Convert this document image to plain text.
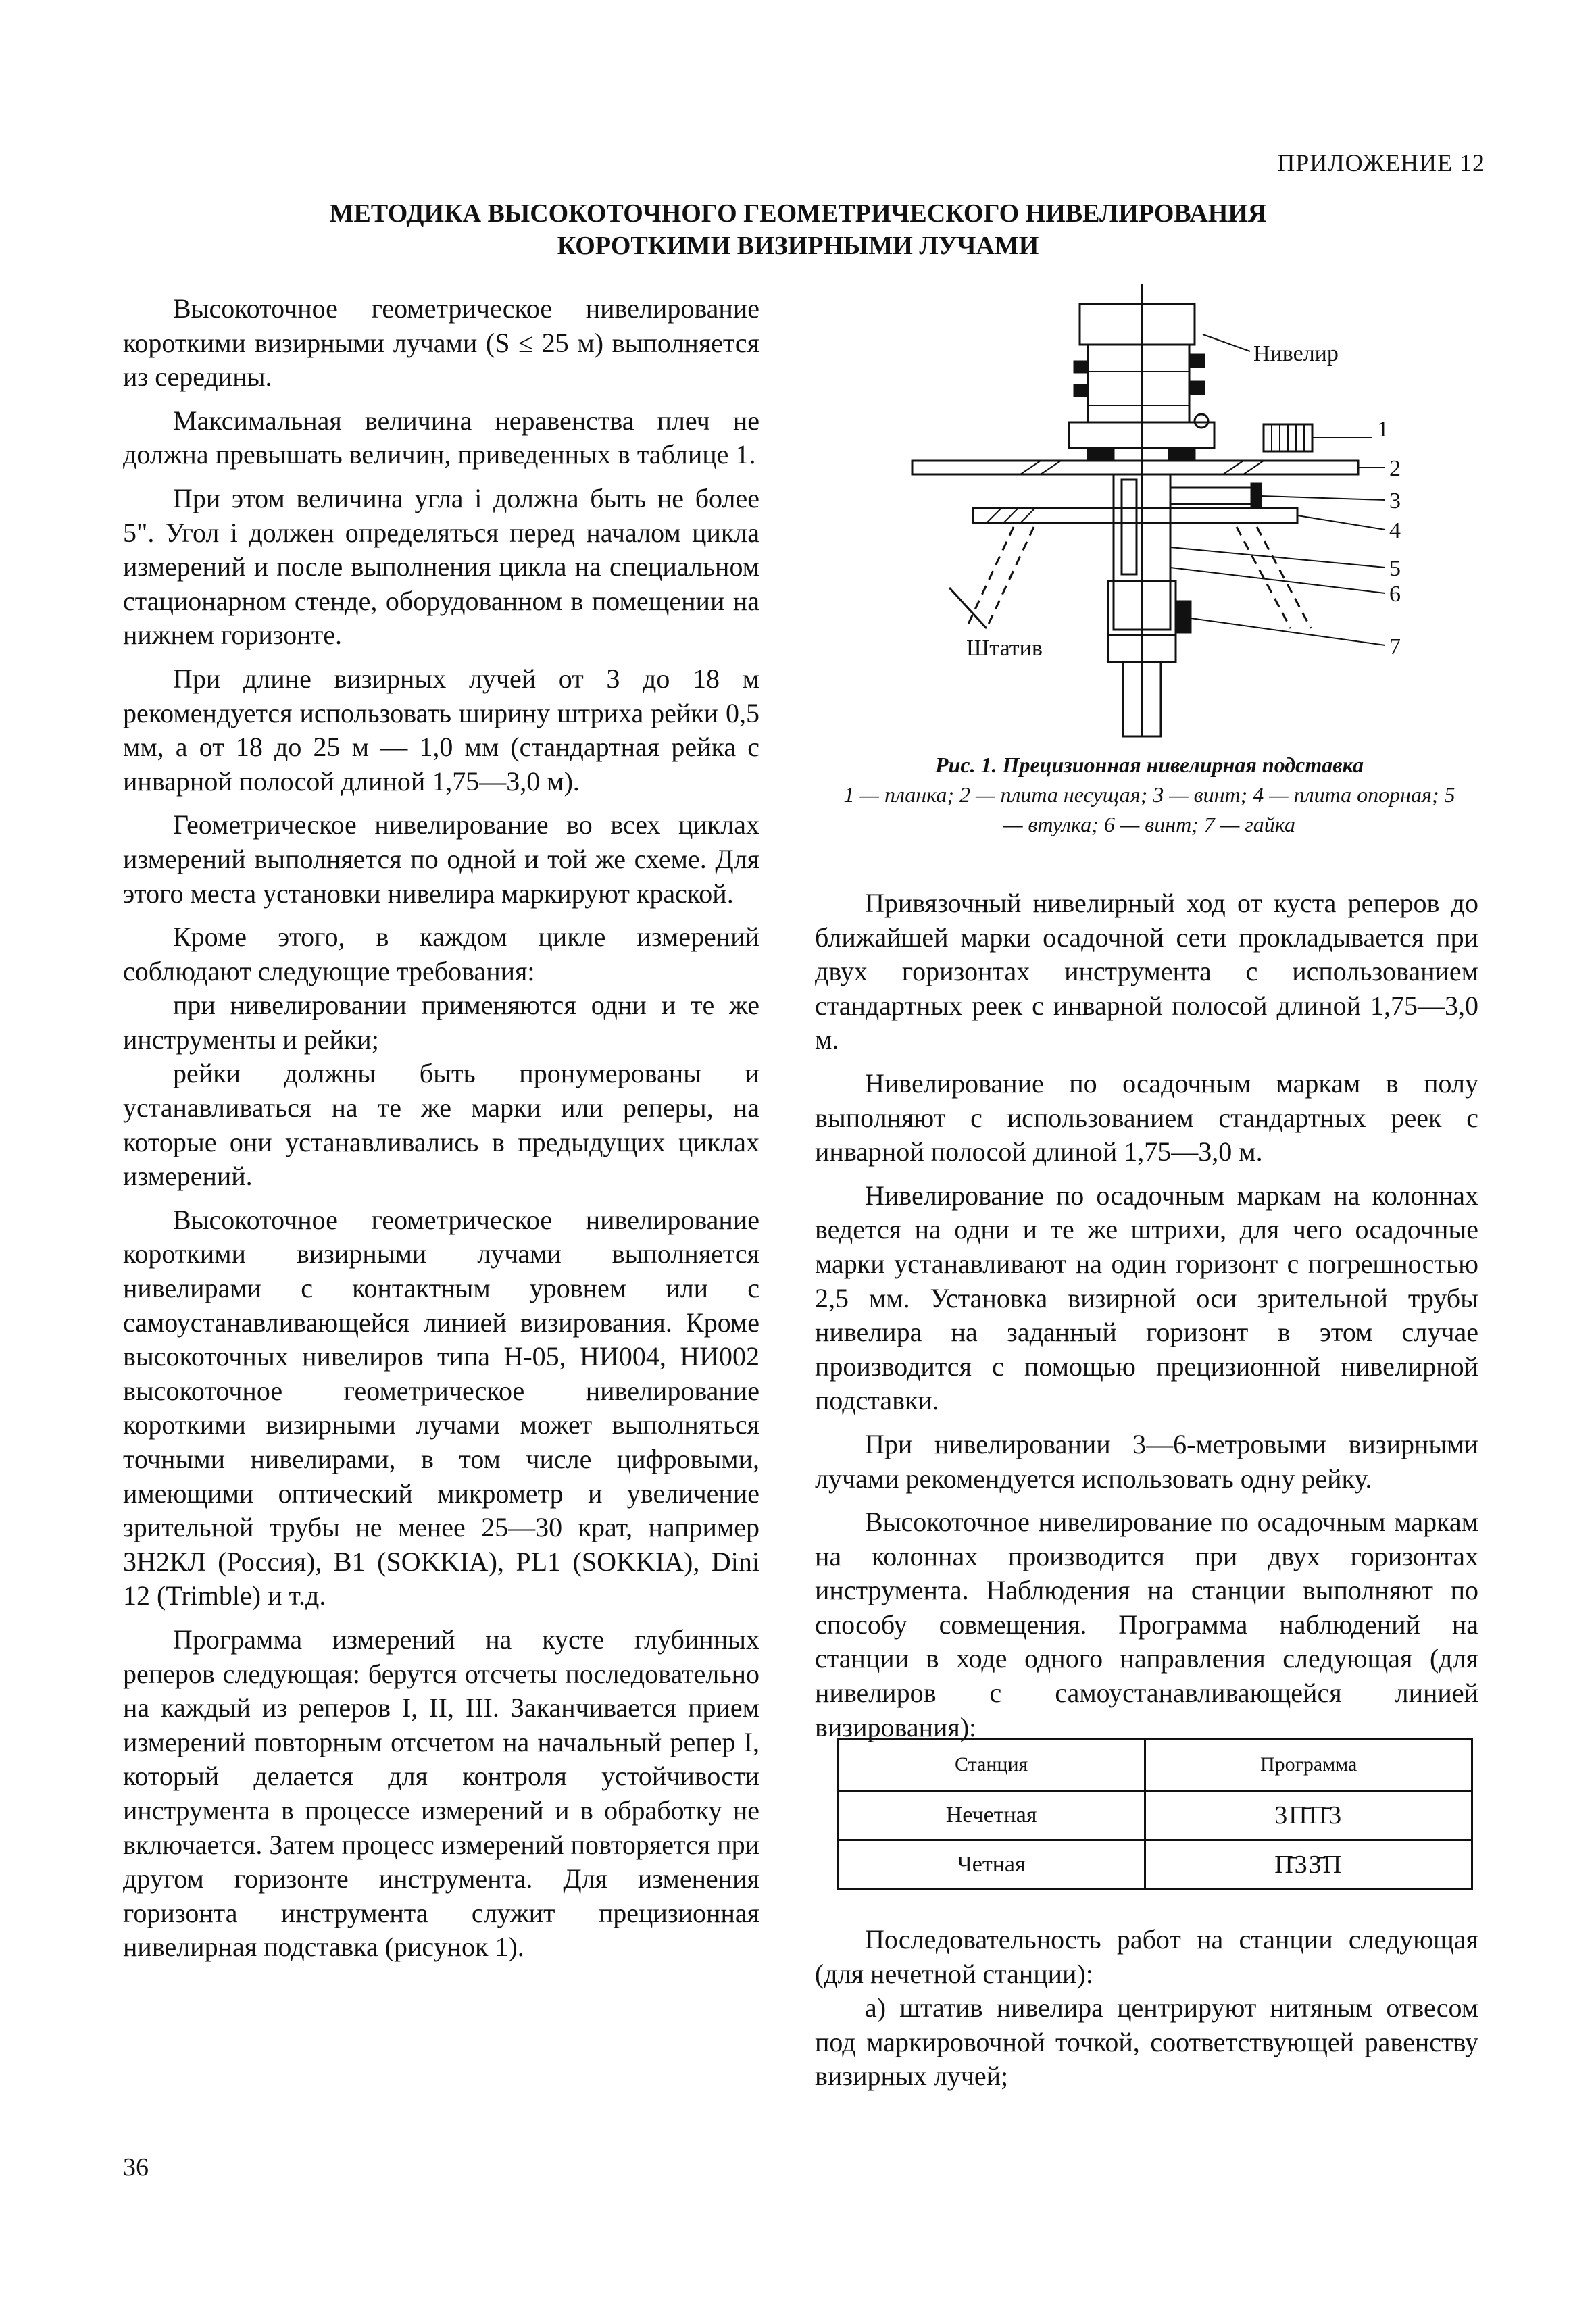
ПРИЛОЖЕНИЕ 12
МЕТОДИКА ВЫСОКОТОЧНОГО ГЕОМЕТРИЧЕСКОГО НИВЕЛИРОВАНИЯ
КОРОТКИМИ ВИЗИРНЫМИ ЛУЧАМИ

Высокоточное геометрическое нивелирование короткими визирными лучами (S ≤ 25 м) выполняется из середины.

Максимальная величина неравенства плеч не должна превышать величин, приведенных в таблице 1.

При этом величина угла i должна быть не более 5". Угол i должен определяться перед началом цикла измерений и после выполнения цикла на специальном стационарном стенде, оборудованном в помещении на нижнем горизонте.

При длине визирных лучей от 3 до 18 м рекомендуется использовать ширину штриха рейки 0,5 мм, а от 18 до 25 м — 1,0 мм (стандартная рейка с инварной полосой длиной 1,75—3,0 м).

Геометрическое нивелирование во всех циклах измерений выполняется по одной и той же схеме. Для этого места установки нивелира маркируют краской.

Кроме этого, в каждом цикле измерений соблюдают следующие требования:

при нивелировании применяются одни и те же инструменты и рейки;

рейки должны быть пронумерованы и устанавливаться на те же марки или реперы, на которые они устанавливались в предыдущих циклах измерений.

Высокоточное геометрическое нивелирование короткими визирными лучами выполняется нивелирами с контактным уровнем или с самоустанавливающейся линией визирования. Кроме высокоточных нивелиров типа Н-05, НИ004, НИ002 высокоточное геометрическое нивелирование короткими визирными лучами может выполняться точными нивелирами, в том числе цифровыми, имеющими оптический микрометр и увеличение зрительной трубы не менее 25—30 крат, например 3Н2КЛ (Россия), B1 (SOKKIA), PL1 (SOKKIA), Dini 12 (Trimble) и т.д.

Программа измерений на кусте глубинных реперов следующая: берутся отсчеты последовательно на каждый из реперов I, II, III. Заканчивается прием измерений повторным отсчетом на начальный репер I, который делается для контроля устойчивости инструмента в процессе измерений и в обработку не включается. Затем процесс измерений повторяется при другом горизонте инструмента. Для изменения горизонта инструмента служит прецизионная нивелирная подставка (рисунок 1).

Нивелир
Штатив
1
2
3
4
5
6
7
Рис. 1. Прецизионная нивелирная подставка
1 — планка; 2 — плита несущая; 3 — винт; 4 — плита опорная; 5 — втулка; 6 — винт; 7 — гайка

Привязочный нивелирный ход от куста реперов до ближайшей марки осадочной сети прокладывается при двух горизонтах инструмента с использованием стандартных реек с инварной полосой длиной 1,75—3,0 м.

Нивелирование по осадочным маркам в полу выполняют с использованием стандартных реек с инварной полосой длиной 1,75—3,0 м.

Нивелирование по осадочным маркам на колоннах ведется на одни и те же штрихи, для чего осадочные марки устанавливают на один горизонт с погрешностью 2,5 мм. Установка визирной оси зрительной трубы нивелира на заданный горизонт в этом случае производится с помощью прецизионной нивелирной подставки.

При нивелировании 3—6-метровыми визирными лучами рекомендуется использовать одну рейку.

Высокоточное нивелирование по осадочным маркам на колоннах производится при двух горизонтах инструмента. Наблюдения на станции выполняют по способу совмещения. Программа наблюдений на станции в ходе одного направления следующая (для нивелиров с самоустанавливающейся линией визирования):

Станция	Программа
Нечетная	3П̄П̄3
Четная	П̄3З̄П

Последовательность работ на станции следующая (для нечетной станции):

а) штатив нивелира центрируют нитяным отвесом под маркировочной точкой, соответствующей равенству визирных лучей;

36
